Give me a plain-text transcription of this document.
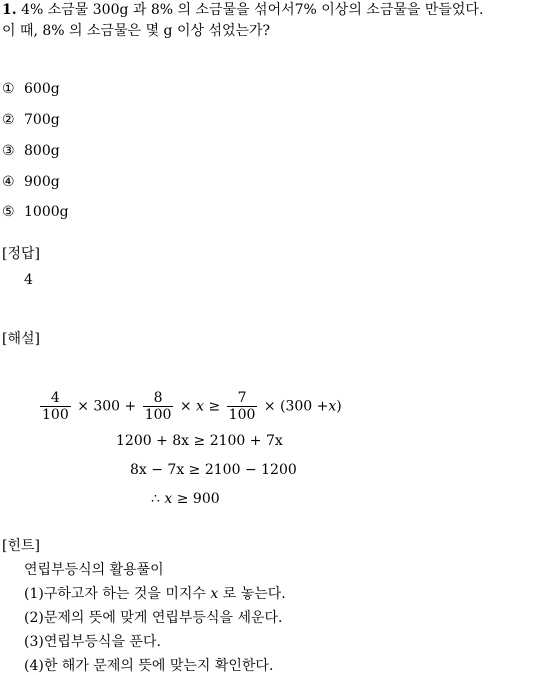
1. 4% 소금물 300g 과 8% 의 소금물을 섞어서7% 이상의 소금물을 만들었다.
이 때, 8% 의 소금물은 몇 g 이상 섞었는가?
① 600g
② 700g
③ 800g
④ 900g
⑤ 1000g
[정답]
4
[해설]
$\frac{4}{100} \times 300 + \frac{8}{100} \times x \ge \frac{7}{100} \times (300 +x)$
1200 + 8x ≥ 2100 + 7x
8x − 7x ≥ 2100 − 1200
∴ x ≥ 900
[힌트]
연립부등식의 활용풀이
(1)구하고자 하는 것을 미지수 x 로 놓는다.
(2)문제의 뜻에 맞게 연립부등식을 세운다.
(3)연립부등식을 푼다.
(4)한 해가 문제의 뜻에 맞는지 확인한다.
